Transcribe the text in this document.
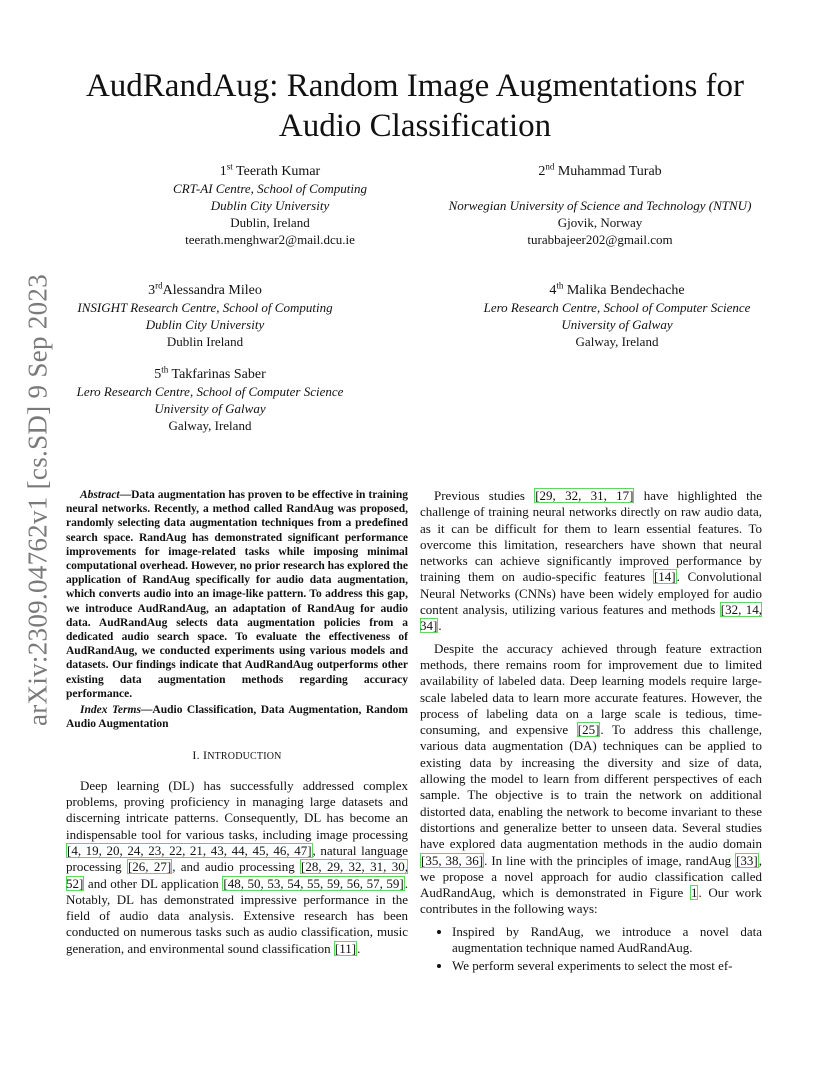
arXiv:2309.04762v1 [cs.SD] 9 Sep 2023
AudRandAug: Random Image Augmentations for Audio Classification
1st Teerath Kumar
CRT-AI Centre, School of Computing
Dublin City University
Dublin, Ireland
teerath.menghwar2@mail.dcu.ie
2nd Muhammad Turab
Norwegian University of Science and Technology (NTNU)
Gjovik, Norway
turabbajeer202@gmail.com
3rdAlessandra Mileo
INSIGHT Research Centre, School of Computing
Dublin City University
Dublin Ireland
4th Malika Bendechache
Lero Research Centre, School of Computer Science
University of Galway
Galway, Ireland
5th Takfarinas Saber
Lero Research Centre, School of Computer Science
University of Galway
Galway, Ireland
Abstract—Data augmentation has proven to be effective in training neural networks. Recently, a method called RandAug was proposed, randomly selecting data augmentation techniques from a predefined search space. RandAug has demonstrated significant performance improvements for image-related tasks while imposing minimal computational overhead. However, no prior research has explored the application of RandAug specifically for audio data augmentation, which converts audio into an image-like pattern. To address this gap, we introduce AudRandAug, an adaptation of RandAug for audio data. AudRandAug selects data augmentation policies from a dedicated audio search space. To evaluate the effectiveness of AudRandAug, we conducted experiments using various models and datasets. Our findings indicate that AudRandAug outperforms other existing data augmentation methods regarding accuracy performance.
Index Terms—Audio Classification, Data Augmentation, Random Audio Augmentation
I. INTRODUCTION

Deep learning (DL) has successfully addressed complex problems, proving proficiency in managing large datasets and discerning intricate patterns. Consequently, DL has become an indispensable tool for various tasks, including image processing [4, 19, 20, 24, 23, 22, 21, 43, 44, 45, 46, 47], natural language processing [26, 27], and audio processing [28, 29, 32, 31, 30, 52] and other DL application [48, 50, 53, 54, 55, 59, 56, 57, 59]. Notably, DL has demonstrated impressive performance in the field of audio data analysis. Extensive research has been conducted on numerous tasks such as audio classification, music generation, and environmental sound classification [11].

Previous studies [29, 32, 31, 17] have highlighted the challenge of training neural networks directly on raw audio data, as it can be difficult for them to learn essential features. To overcome this limitation, researchers have shown that neural networks can achieve significantly improved performance by training them on audio-specific features [14]. Convolutional Neural Networks (CNNs) have been widely employed for audio content analysis, utilizing various features and methods [32, 14, 34].

Despite the accuracy achieved through feature extraction methods, there remains room for improvement due to limited availability of labeled data. Deep learning models require large-scale labeled data to learn more accurate features. However, the process of labeling data on a large scale is tedious, time-consuming, and expensive [25]. To address this challenge, various data augmentation (DA) techniques can be applied to existing data by increasing the diversity and size of data, allowing the model to learn from different perspectives of each sample. The objective is to train the network on additional distorted data, enabling the network to become invariant to these distortions and generalize better to unseen data. Several studies have explored data augmentation methods in the audio domain [35, 38, 36]. In line with the principles of image, randAug [33], we propose a novel approach for audio classification called AudRandAug, which is demonstrated in Figure 1. Our work contributes in the following ways:

• Inspired by RandAug, we introduce a novel data augmentation technique named AudRandAug.
• We perform several experiments to select the most ef-
